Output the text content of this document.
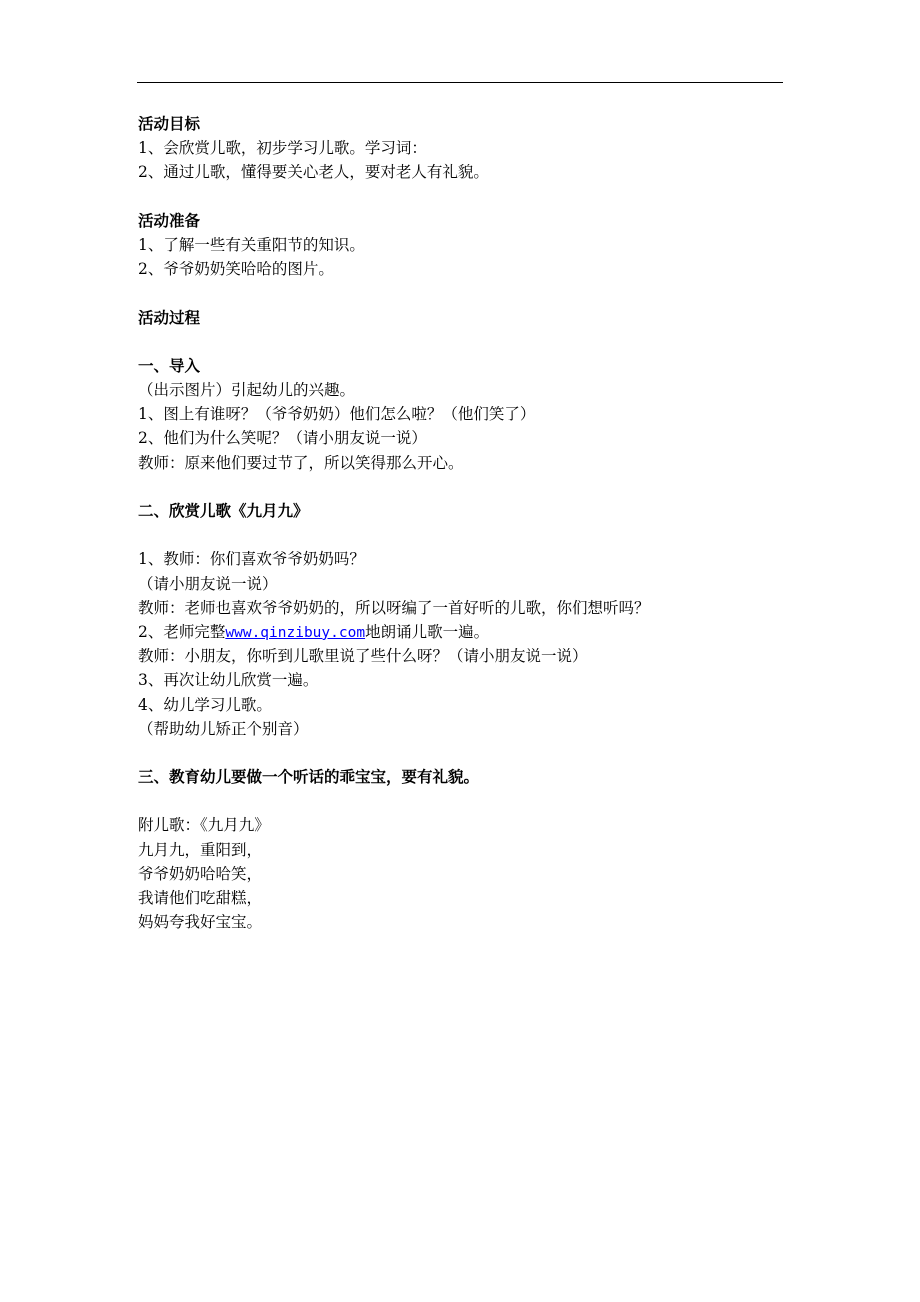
活动目标
1、会欣赏儿歌，初步学习儿歌。学习词：
2、通过儿歌，懂得要关心老人，要对老人有礼貌。
活动准备
1、了解一些有关重阳节的知识。
2、爷爷奶奶笑哈哈的图片。
活动过程
一、导入
（出示图片）引起幼儿的兴趣。
1、图上有谁呀？（爷爷奶奶）他们怎么啦？（他们笑了）
2、他们为什么笑呢？（请小朋友说一说）
教师：原来他们要过节了，所以笑得那么开心。
二、欣赏儿歌《九月九》
1、教师：你们喜欢爷爷奶奶吗？
（请小朋友说一说）
教师：老师也喜欢爷爷奶奶的，所以呀编了一首好听的儿歌，你们想听吗？
2、老师完整www.qinzibuy.com地朗诵儿歌一遍。
教师：小朋友，你听到儿歌里说了些什么呀？（请小朋友说一说）
3、再次让幼儿欣赏一遍。
4、幼儿学习儿歌。
（帮助幼儿矫正个别音）
三、教育幼儿要做一个听话的乖宝宝，要有礼貌。
附儿歌：《九月九》
九月九，重阳到，
爷爷奶奶哈哈笑，
我请他们吃甜糕，
妈妈夸我好宝宝。
